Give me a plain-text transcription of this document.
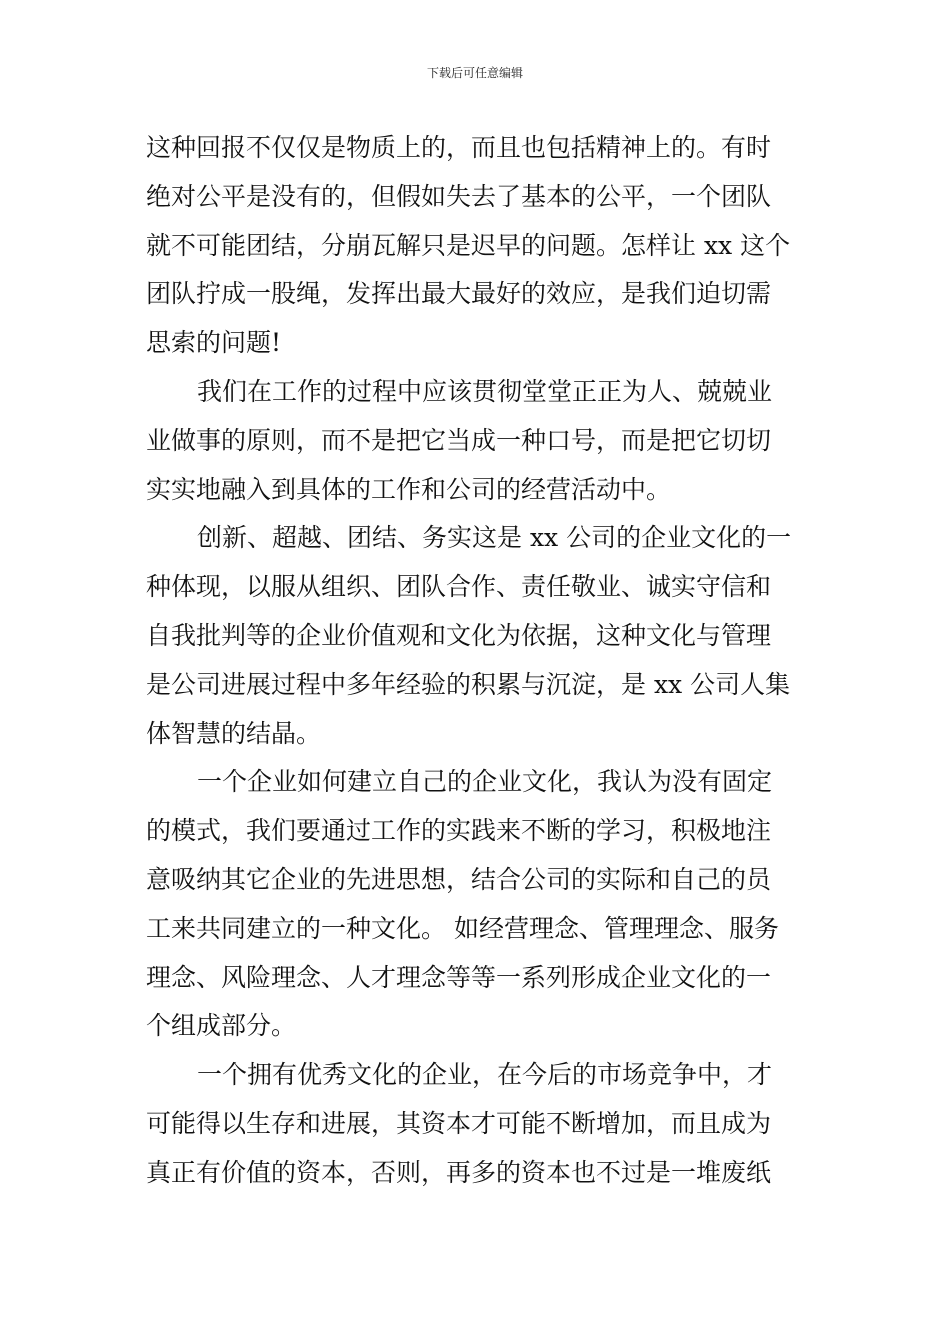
下载后可任意编辑
这种回报不仅仅是物质上的，而且也包括精神上的。有时
绝对公平是没有的，但假如失去了基本的公平，一个团队
就不可能团结，分崩瓦解只是迟早的问题。怎样让 xx 这个
团队拧成一股绳，发挥出最大最好的效应，是我们迫切需
思索的问题!
我们在工作的过程中应该贯彻堂堂正正为人、兢兢业
业做事的原则，而不是把它当成一种口号，而是把它切切
实实地融入到具体的工作和公司的经营活动中。
创新、超越、团结、务实这是 xx 公司的企业文化的一
种体现，以服从组织、团队合作、责任敬业、诚实守信和
自我批判等的企业价值观和文化为依据，这种文化与管理
是公司进展过程中多年经验的积累与沉淀，是 xx 公司人集
体智慧的结晶。
一个企业如何建立自己的企业文化，我认为没有固定
的模式，我们要通过工作的实践来不断的学习，积极地注
意吸纳其它企业的先进思想，结合公司的实际和自己的员
工来共同建立的一种文化。 如经营理念、管理理念、服务
理念、风险理念、人才理念等等一系列形成企业文化的一
个组成部分。
一个拥有优秀文化的企业，在今后的市场竞争中，才
可能得以生存和进展，其资本才可能不断增加，而且成为
真正有价值的资本，否则，再多的资本也不过是一堆废纸
